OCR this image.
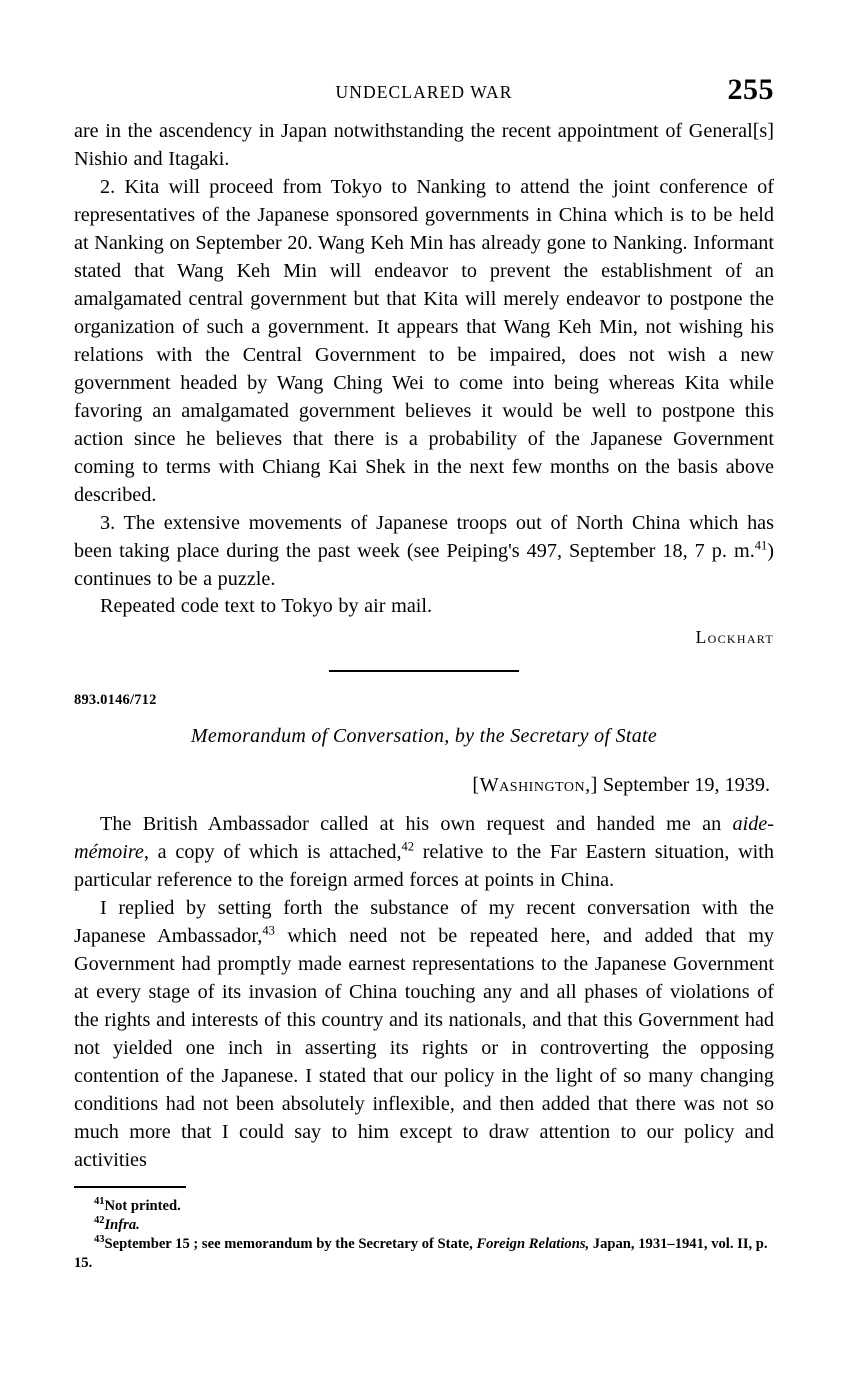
UNDECLARED WAR	255

are in the ascendency in Japan notwithstanding the recent appointment of General[s] Nishio and Itagaki.

2. Kita will proceed from Tokyo to Nanking to attend the joint conference of representatives of the Japanese sponsored governments in China which is to be held at Nanking on September 20. Wang Keh Min has already gone to Nanking. Informant stated that Wang Keh Min will endeavor to prevent the establishment of an amalgamated central government but that Kita will merely endeavor to postpone the organization of such a government. It appears that Wang Keh Min, not wishing his relations with the Central Government to be impaired, does not wish a new government headed by Wang Ching Wei to come into being whereas Kita while favoring an amalgamated government believes it would be well to postpone this action since he believes that there is a probability of the Japanese Government coming to terms with Chiang Kai Shek in the next few months on the basis above described.

3. The extensive movements of Japanese troops out of North China which has been taking place during the past week (see Peiping's 497, September 18, 7 p. m.$^{41}$) continues to be a puzzle.

Repeated code text to Tokyo by air mail.

Lockhart
893.0146/712
Memorandum of Conversation, by the Secretary of State
[Washington,] September 19, 1939.

The British Ambassador called at his own request and handed me an aide-mémoire, a copy of which is attached,$^{42}$ relative to the Far Eastern situation, with particular reference to the foreign armed forces at points in China.

I replied by setting forth the substance of my recent conversation with the Japanese Ambassador,$^{43}$ which need not be repeated here, and added that my Government had promptly made earnest representations to the Japanese Government at every stage of its invasion of China touching any and all phases of violations of the rights and interests of this country and its nationals, and that this Government had not yielded one inch in asserting its rights or in controverting the opposing contention of the Japanese. I stated that our policy in the light of so many changing conditions had not been absolutely inflexible, and then added that there was not so much more that I could say to him except to draw attention to our policy and activities

$^{41}$Not printed.

$^{42}$Infra.

$^{43}$September 15 ; see memorandum by the Secretary of State, Foreign Relations, Japan, 1931–1941, vol. II, p. 15.
